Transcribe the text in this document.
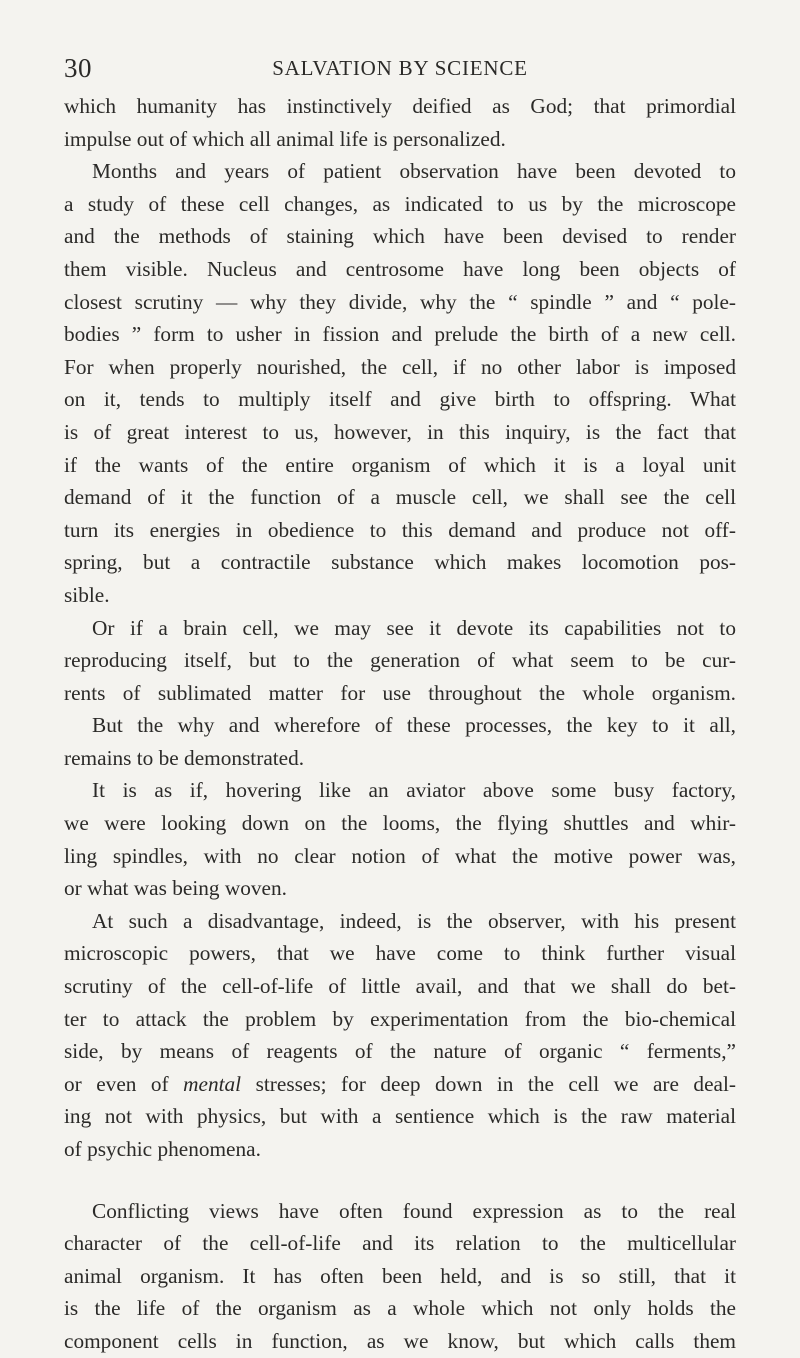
30	SALVATION BY SCIENCE
which humanity has instinctively deified as God; that primordial
impulse out of which all animal life is personalized.
Months and years of patient observation have been devoted to
a study of these cell changes, as indicated to us by the microscope
and the methods of staining which have been devised to render
them visible. Nucleus and centrosome have long been objects of
closest scrutiny — why they divide, why the “ spindle ” and “ pole-
bodies ” form to usher in fission and prelude the birth of a new cell.
For when properly nourished, the cell, if no other labor is imposed
on it, tends to multiply itself and give birth to offspring. What
is of great interest to us, however, in this inquiry, is the fact that
if the wants of the entire organism of which it is a loyal unit
demand of it the function of a muscle cell, we shall see the cell
turn its energies in obedience to this demand and produce not off-
spring, but a contractile substance which makes locomotion pos-
sible.
Or if a brain cell, we may see it devote its capabilities not to
reproducing itself, but to the generation of what seem to be cur-
rents of sublimated matter for use throughout the whole organism.
But the why and wherefore of these processes, the key to it all,
remains to be demonstrated.
It is as if, hovering like an aviator above some busy factory,
we were looking down on the looms, the flying shuttles and whir-
ling spindles, with no clear notion of what the motive power was,
or what was being woven.
At such a disadvantage, indeed, is the observer, with his present
microscopic powers, that we have come to think further visual
scrutiny of the cell-of-life of little avail, and that we shall do bet-
ter to attack the problem by experimentation from the bio-chemical
side, by means of reagents of the nature of organic “ ferments,”
or even of mental stresses; for deep down in the cell we are deal-
ing not with physics, but with a sentience which is the raw material
of psychic phenomena.
Conflicting views have often found expression as to the real
character of the cell-of-life and its relation to the multicellular
animal organism. It has often been held, and is so still, that it
is the life of the organism as a whole which not only holds the
component cells in function, as we know, but which calls them
